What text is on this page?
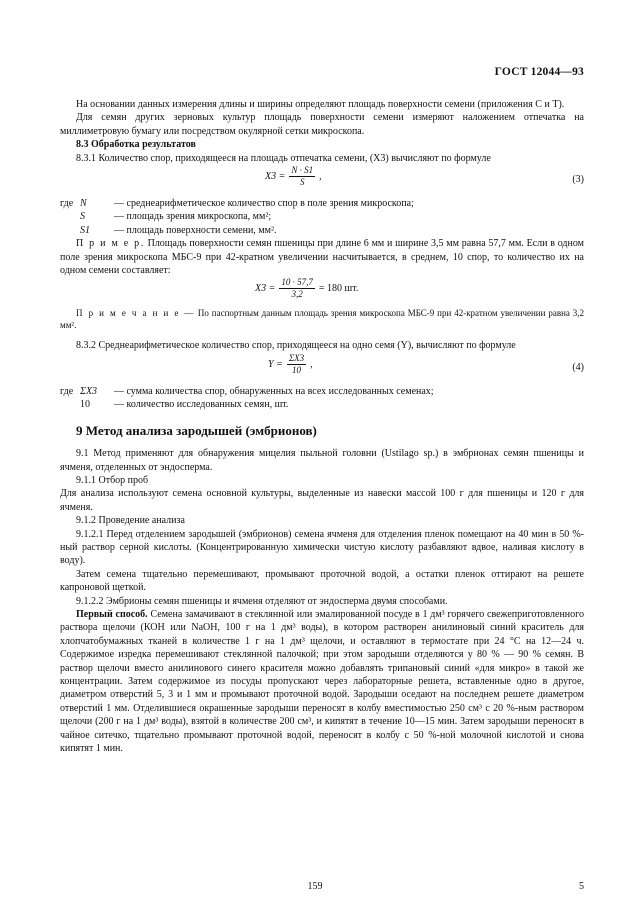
ГОСТ 12044—93

На основании данных измерения длины и ширины определяют площадь поверхности семени (приложения С и Т).

Для семян других зерновых культур площадь поверхности семени измеряют наложением отпечатка на миллиметровую бумагу или посредством окулярной сетки микроскопа.

8.3 Обработка результатов

8.3.1 Количество спор, приходящееся на площадь отпечатка семени, (X3) вычисляют по формуле

$X3 = \frac{N \cdot S1}{S}$ ,	(3)
где N	— среднеарифметическое количество спор в поле зрения микроскопа;
S	— площадь зрения микроскопа, мм²;
S1	— площадь поверхности семени, мм².

П р и м е р. Площадь поверхности семян пшеницы при длине 6 мм и ширине 3,5 мм равна 57,7 мм. Если в одном поле зрения микроскопа МБС-9 при 42-кратном увеличении насчитывается, в среднем, 10 спор, то количество их на одном семени составляет:

$X3 = \frac{10 \cdot 57,7}{3,2} = 180$ шт.

П р и м е ч а н и е — По паспортным данным площадь зрения микроскопа МБС-9 при 42-кратном увеличении равна 3,2 мм².

8.3.2 Среднеарифметическое количество спор, приходящееся на одно семя (Y), вычисляют по формуле

$Y = \frac{\Sigma X3}{10}$ ,	(4)
где ΣX3	— сумма количества спор, обнаруженных на всех исследованных семенах;
10	— количество исследованных семян, шт.
9 Метод анализа зародышей (эмбрионов)

9.1 Метод применяют для обнаружения мицелия пыльной головни (Ustilago sp.) в эмбрионах семян пшеницы и ячменя, отделенных от эндосперма.

9.1.1 Отбор проб

Для анализа используют семена основной культуры, выделенные из навески массой 100 г для пшеницы и 120 г для ячменя.

9.1.2 Проведение анализа

9.1.2.1 Перед отделением зародышей (эмбрионов) семена ячменя для отделения пленок помещают на 40 мин в 50 %-ный раствор серной кислоты. (Концентрированную химически чистую кислоту разбавляют вдвое, наливая кислоту в воду).

Затем семена тщательно перемешивают, промывают проточной водой, а остатки пленок оттирают на решете капроновой щеткой.

9.1.2.2 Эмбрионы семян пшеницы и ячменя отделяют от эндосперма двумя способами.

Первый способ. Семена замачивают в стеклянной или эмалированной посуде в 1 дм³ горячего свежеприготовленного раствора щелочи (КОН или NaOH, 100 г на 1 дм³ воды), в котором растворен анилиновый синий краситель для хлопчатобумажных тканей в количестве 1 г на 1 дм³ щелочи, и оставляют в термостате при 24 °С на 12—24 ч. Содержимое изредка перемешивают стеклянной палочкой; при этом зародыши отделяются у 80 % — 90 % семян. В раствор щелочи вместо анилинового синего красителя можно добавлять трипановый синий «для микро» в такой же концентрации. Затем содержимое из посуды пропускают через лабораторные решета, вставленные одно в другое, диаметром отверстий 5, 3 и 1 мм и промывают проточной водой. Зародыши оседают на последнем решете диаметром отверстий 1 мм. Отделившиеся окрашенные зародыши переносят в колбу вместимостью 250 см³ с 20 %-ным раствором щелочи (200 г на 1 дм³ воды), взятой в количестве 200 см³, и кипятят в течение 10—15 мин. Затем зародыши переносят в чайное ситечко, тщательно промывают проточной водой, переносят в колбу с 50 %-ной молочной кислотой и снова кипятят 1 мин.

159	5
